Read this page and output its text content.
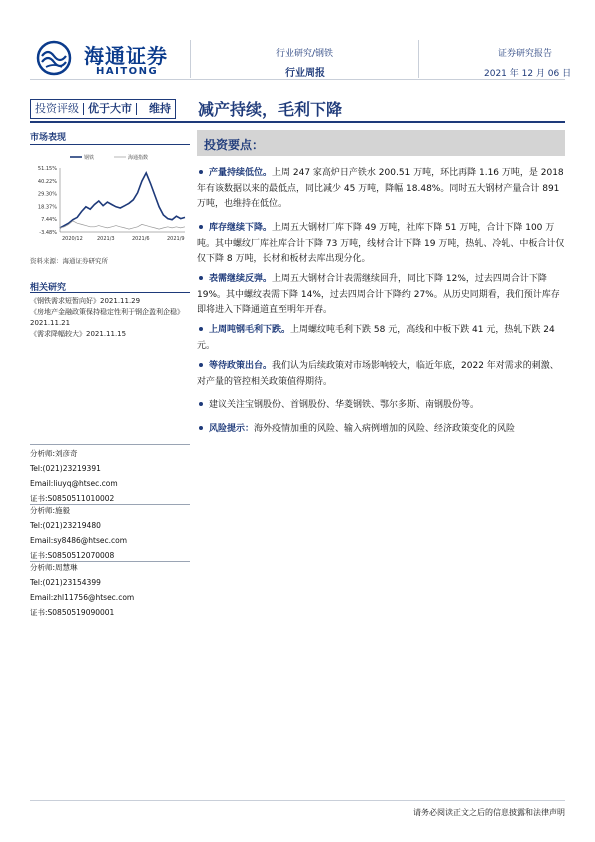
海通证券
HAITONG
行业研究/钢铁
行业周报
证券研究报告
2021 年 12 月 06 日
投资评级 优于大市	维持 减产持续，毛利下降
市场表现
51.15%
40.22%
29.30%
18.37%
7.44%
-3.48%
2020/12	2021/3	2021/6	2021/9
钢铁	海通指数
资料来源：海通证券研究所
相关研究
《钢铁需求短暂向好》2021.11.29
《房地产金融政策保持稳定性利于钢企盈利企稳》2021.11.21
《需求降幅较大》2021.11.15
分析师:刘彦奇
Tel:(021)23219391
Email:liuyq@htsec.com
证书:S0850511010002
分析师:施毅
Tel:(021)23219480
Email:sy8486@htsec.com
证书:S0850512070008
分析师:周慧琳
Tel:(021)23154399
Email:zhl11756@htsec.com
证书:S0850519090001
投资要点：
产量持续低位。上周 247 家高炉日产铁水 200.51 万吨，环比再降 1.16 万吨，是 2018 年有该数据以来的最低点，同比减少 45 万吨，降幅 18.48%。同时五大钢材产量合计 891 万吨，也维持在低位。
库存继续下降。上周五大钢材厂库下降 49 万吨，社库下降 51 万吨，合计下降 100 万吨。其中螺纹厂库社库合计下降 73 万吨，线材合计下降 19 万吨，热轧、冷轧、中板合计仅仅下降 8 万吨，长材和板材去库出现分化。
表需继续反弹。上周五大钢材合计表需继续回升，同比下降 12%，过去四周合计下降 19%。其中螺纹表需下降 14%，过去四周合计下降约 27%。从历史同期看，我们预计库存即将进入下降通道直至明年开春。
上周吨钢毛利下跌。上周螺纹吨毛利下跌 58 元，高线和中板下跌 41 元，热轧下跌 24 元。
等待政策出台。我们认为后续政策对市场影响较大，临近年底，2022 年对需求的刺激、对产量的管控相关政策值得期待。
建议关注宝钢股份、首钢股份、华菱钢铁、鄂尔多斯、南钢股份等。
风险提示：海外疫情加重的风险、输入病例增加的风险、经济政策变化的风险
请务必阅读正文之后的信息披露和法律声明
